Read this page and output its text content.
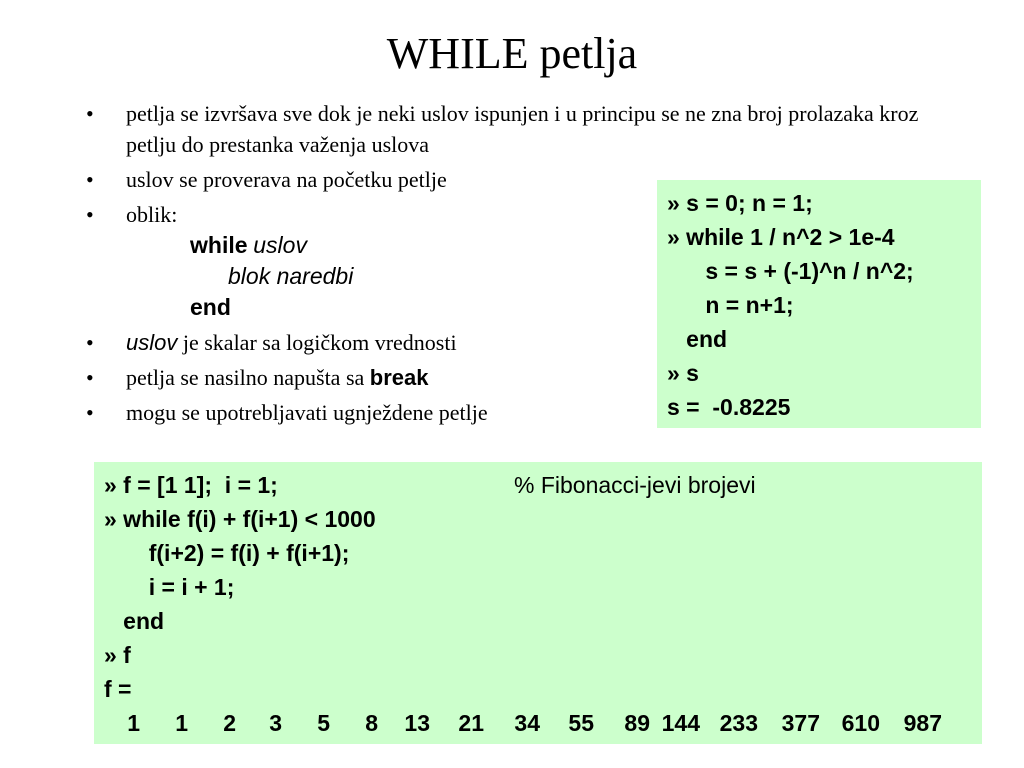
WHILE petlja
• petlja se izvršava sve dok je neki uslov ispunjen i u principu se ne zna broj prolazaka kroz petlju do prestanka važenja uslova
• uslov se proverava na početku petlje
• oblik:
while uslov
blok naredbi
end
• uslov je skalar sa logičkom vrednosti
• petlja se nasilno napušta sa break
• mogu se upotrebljavati ugnježdene petlje
» s = 0; n = 1;
» while 1 / n^2 > 1e-4
s = s + (-1)^n / n^2;
n = n+1;
end
» s
s =  -0.8225
% Fibonacci-jevi brojevi
» f = [1 1];  i = 1;
» while f(i) + f(i+1) < 1000
f(i+2) = f(i) + f(i+1);
i = i + 1;
end
» f
f =
1	1	2	3	5	8	13	21	34	55	89 144 233	377 610	987
